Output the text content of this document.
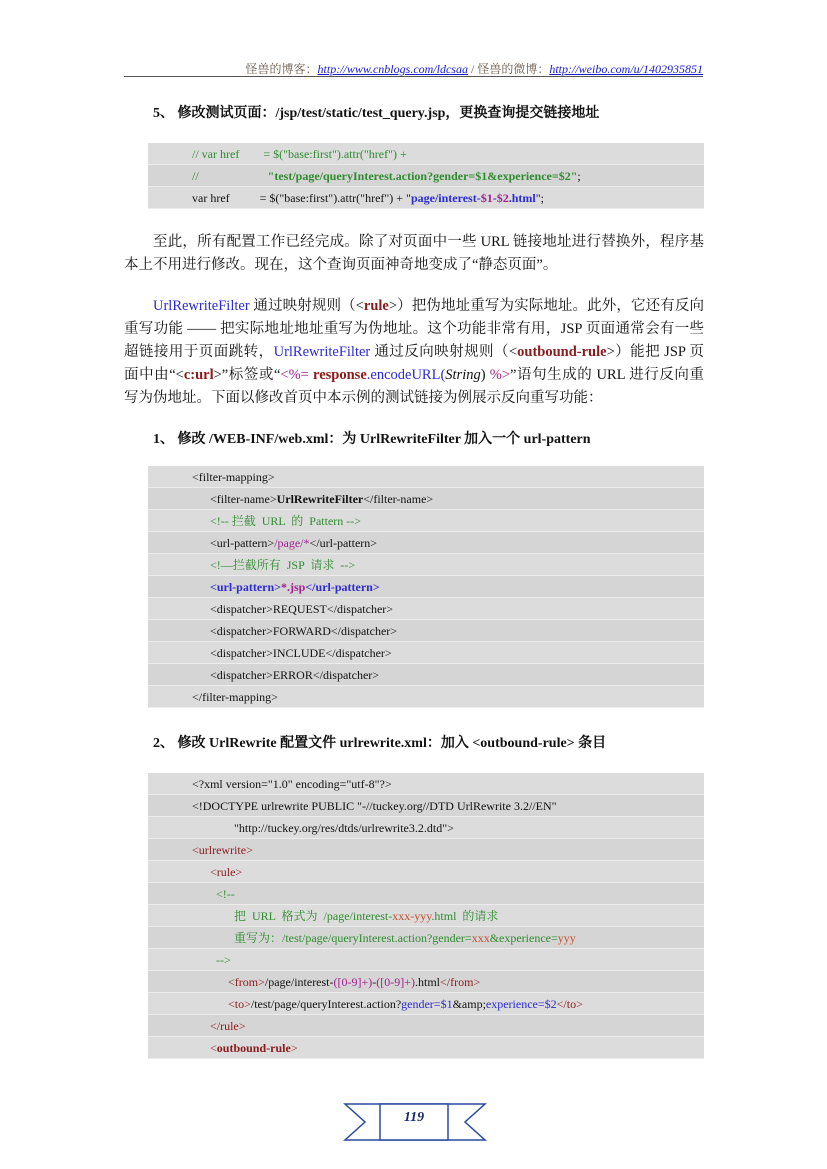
怪兽的博客：http://www.cnblogs.com/ldcsaa / 怪兽的微博：http://weibo.com/u/1402935851
5、 修改测试页面：/jsp/test/static/test_query.jsp，更换查询提交链接地址
// var href        = $("base:first").attr("href") +
//                       "test/page/queryInterest.action?gender=$1&experience=$2";
var href          = $("base:first").attr("href") + "page/interest-$1-$2.html";
至此，所有配置工作已经完成。除了对页面中一些 URL 链接地址进行替换外，程序基本上不用进行修改。现在，这个查询页面神奇地变成了“静态页面”。
UrlRewriteFilter 通过映射规则（<rule>）把伪地址重写为实际地址。此外，它还有反向重写功能 —— 把实际地址地址重写为伪地址。这个功能非常有用，JSP 页面通常会有一些超链接用于页面跳转，UrlRewriteFilter 通过反向映射规则（<outbound-rule>）能把 JSP 页面中由“<c:url>”标签或“<%= response.encodeURL(String) %>”语句生成的 URL 进行反向重写为伪地址。下面以修改首页中本示例的测试链接为例展示反向重写功能：
1、 修改 /WEB-INF/web.xml：为 UrlRewriteFilter 加入一个 url-pattern
<filter-mapping>
<filter-name>UrlRewriteFilter</filter-name>
<!-- 拦截  URL  的  Pattern -->
<url-pattern>/page/*</url-pattern>
<!—拦截所有  JSP  请求  -->
<url-pattern>*.jsp</url-pattern>
<dispatcher>REQUEST</dispatcher>
<dispatcher>FORWARD</dispatcher>
<dispatcher>INCLUDE</dispatcher>
<dispatcher>ERROR</dispatcher>
</filter-mapping>
2、 修改 UrlRewrite 配置文件 urlrewrite.xml：加入 <outbound-rule> 条目
<?xml version="1.0" encoding="utf-8"?>
<!DOCTYPE urlrewrite PUBLIC "-//tuckey.org//DTD UrlRewrite 3.2//EN"
"http://tuckey.org/res/dtds/urlrewrite3.2.dtd">
<urlrewrite>
<rule>
<!--
把  URL  格式为  /page/interest-xxx-yyy.html  的请求
重写为：/test/page/queryInterest.action?gender=xxx&experience=yyy
-->
<from>/page/interest-([0-9]+)-([0-9]+).html</from>
<to>/test/page/queryInterest.action?gender=$1&amp;experience=$2</to>
</rule>
<outbound-rule>
119
